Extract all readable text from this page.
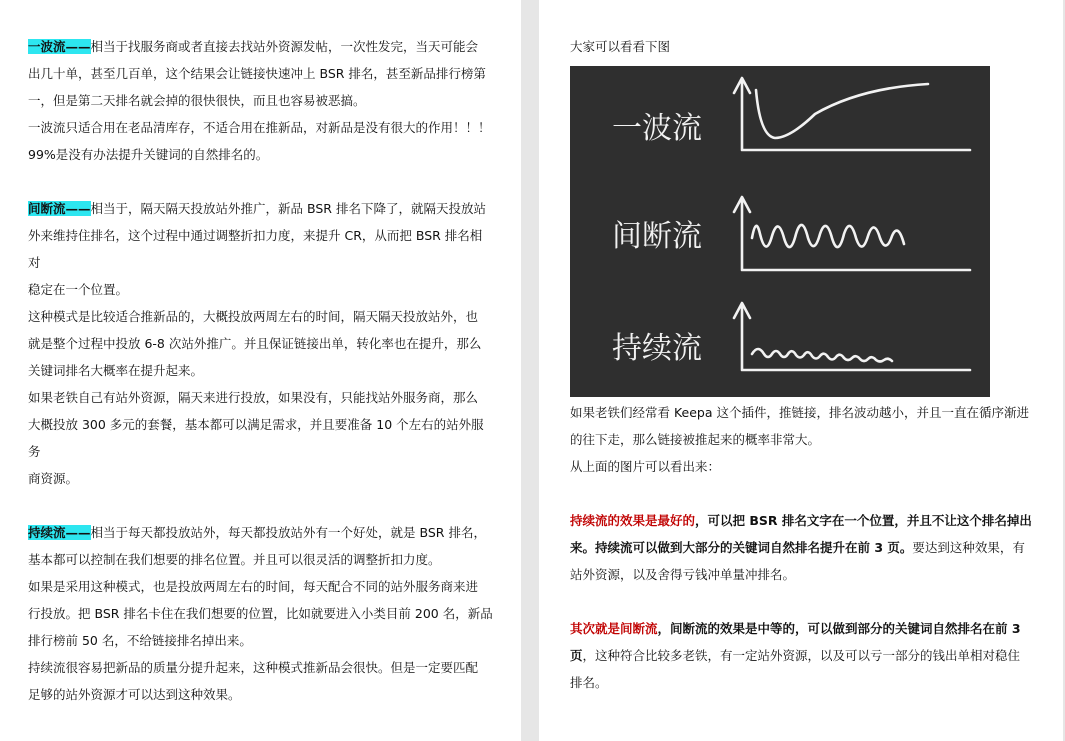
一波流——相当于找服务商或者直接去找站外资源发帖，一次性发完，当天可能会

出几十单，甚至几百单，这个结果会让链接快速冲上 BSR 排名，甚至新品排行榜第

一，但是第二天排名就会掉的很快很快，而且也容易被恶搞。

一波流只适合用在老品清库存，不适合用在推新品，对新品是没有很大的作用！！！

99%是没有办法提升关键词的自然排名的。

间断流——相当于，隔天隔天投放站外推广，新品 BSR 排名下降了，就隔天投放站

外来维持住排名，这个过程中通过调整折扣力度，来提升 CR，从而把 BSR 排名相对

稳定在一个位置。

这种模式是比较适合推新品的，大概投放两周左右的时间，隔天隔天投放站外，也

就是整个过程中投放 6-8 次站外推广。并且保证链接出单，转化率也在提升，那么

关键词排名大概率在提升起来。

如果老铁自己有站外资源，隔天来进行投放，如果没有，只能找站外服务商，那么

大概投放 300 多元的套餐，基本都可以满足需求，并且要准备 10 个左右的站外服务

商资源。

持续流——相当于每天都投放站外，每天都投放站外有一个好处，就是 BSR 排名，

基本都可以控制在我们想要的排名位置。并且可以很灵活的调整折扣力度。

如果是采用这种模式，也是投放两周左右的时间，每天配合不同的站外服务商来进

行投放。把 BSR 排名卡住在我们想要的位置，比如就要进入小类目前 200 名，新品

排行榜前 50 名，不给链接排名掉出来。

持续流很容易把新品的质量分提升起来，这种模式推新品会很快。但是一定要匹配

足够的站外资源才可以达到这种效果。

大家可以看看下图

一波流
间断流
持续流

如果老铁们经常看 Keepa 这个插件，推链接，排名波动越小，并且一直在循序渐进

的往下走，那么链接被推起来的概率非常大。

从上面的图片可以看出来：

持续流的效果是最好的，可以把 BSR 排名文字在一个位置，并且不让这个排名掉出

来。持续流可以做到大部分的关键词自然排名提升在前 3 页。要达到这种效果，有

站外资源，以及舍得亏钱冲单量冲排名。

其次就是间断流，间断流的效果是中等的，可以做到部分的关键词自然排名在前 3

页，这种符合比较多老铁，有一定站外资源，以及可以亏一部分的钱出单相对稳住

排名。
